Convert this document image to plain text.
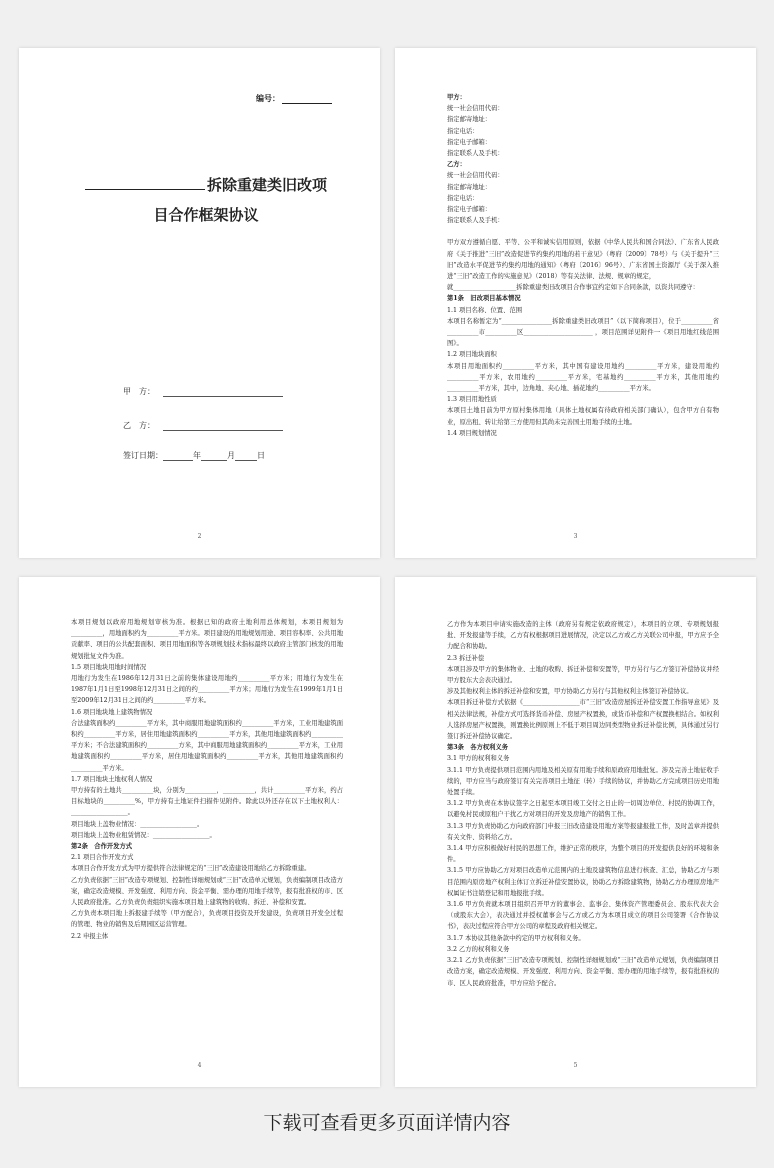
编号：
拆除重建类旧改项
目合作框架协议
甲　方：
乙　方：
签订日期：	年	月	日
2

甲方：

统一社会信用代码：

指定邮寄地址：

指定电话：

指定电子邮箱：

指定联系人及手机：

乙方：

统一社会信用代码：

指定邮寄地址：

指定电话：

指定电子邮箱：

指定联系人及手机：

甲方双方遵循自愿、平等、公平和诚实信用原则，依据《中华人民共和国合同法》、广东省人民政府《关于推进“三旧”改造促进节约集约用地的若干意见》（粤府〔2009〕78号）与《关于提升“三旧”改造水平促进节约集约用地的通知》（粤府〔2016〕96号）、广东省国土资源厅《关于深入推进“三旧”改造工作的实施意见》（2018）等有关法律、法规、规章的规定，

就____________________拆除重建类旧改项目合作事宜约定如下合同条款，以资共同遵守：

第1条　旧改项目基本情况

1.1 项目名称、位置、范围

本项目名称暂定为“________________拆除重建类旧改项目”（以下简称项目），位于__________省__________市__________区______________________ ，项目范围详见附件一《项目用地红线范围图》。

1.2 项目地块面积

本项目用地面积约__________平方米，其中国有建设用地约__________平方米，建设用地约__________平方米，农用地约__________平方米，宅基地约__________平方米，其他用地约__________平方米，其中，边角地、夹心地、插花地约__________平方米。

1.3 项目用地性质

本项目土地目前为甲方原村集体用地（具体土地权属有待政府相关部门确认），包含甲方自有物业，原出租、转让给第三方使用但其尚未完善国土用地手续的土地。

1.4 项目规划情况

3

本项目规划以政府用地规划审核为准。根据已知的政府土地利用总体规划，本项目规划为__________，用地面积约为__________平方米。项目建设的用地规划用途、项目容积率、公共用地贡献率、项目的公共配套面积、项目用地面积等各项规划技术指标最终以政府主管部门核发的用地规划批复文件为准。

1.5 项目地块用地时间情况

用地行为发生在1986年12月31日之前的集体建设用地约__________平方米；用地行为发生在1987年1月1日至1998年12月31日之间的约__________平方米；用地行为发生在1999年1月1日至2009年12月31日之间的约__________平方米。

1.6 项目地块地上建筑物情况

合法建筑面积约__________平方米，其中商服用地建筑面积约__________平方米，工业用地建筑面积约__________平方米，居住用地建筑面积约__________平方米，其他用地建筑面积约__________平方米；不合法建筑面积约__________方米，其中商服用地建筑面积约__________平方米，工业用地建筑面积约__________平方米，居住用地建筑面积约__________平方米，其他用地建筑面积约__________平方米。

1.7 项目地块土地权利人情况

甲方持有的土地共__________块，分别为__________，__________，共计__________平方米，约占目标地块的__________%，甲方持有土地证件扫描件见附件。除此以外还存在以下土地权利人：__________________。

项目地块上盖物业情况：__________________。

项目地块上盖物业租赁情况：__________________。

第2条　合作开发方式

2.1 项目合作开发方式

本项目合作开发方式为甲方提供符合法律规定的“三旧”改造建设用地给乙方拆除重建。

乙方负责依据“三旧”改造专项规划、控制性详细规划或“三旧”改造单元规划，负责编制项目改造方案，确定改造规模、开发强度、利用方向、资金平衡、需办理的用地手续等，报有批准权的市、区人民政府批准。乙方负责负责组织实施本项目地上建筑物的收购、拆迁、补偿和安置。

乙方负责本项目地上拆报建手续等（甲方配合），负责项目投资及开发建设，负责项目开发全过程的管理、物业的销售及后期园区运营管理。

2.2 申报主体

4

乙方作为本项目申请实施改造的主体（政府另有规定依政府规定），本项目的立项、专项规划报批、开发报建等手续，乙方有权根据项目进展情况，决定以乙方或乙方关联公司申报，甲方应予全力配合和协助。

2.3 拆迁补偿

本项目涉及甲方的集体物业、土地的收购、拆迁补偿和安置等，甲方另行与乙方签订补偿协议并经甲方股东大会表决通过。

涉及其他权利主体的拆迁补偿和安置，甲方协助乙方另行与其他权利主体签订补偿协议。

本项目拆迁补偿方式依据《__________________市“三旧”改造房屋拆迁补偿安置工作指导意见》及相关法律法规，补偿方式可选择货币补偿、房屋产权置换，或货币补偿和产权置换相结合。如权利人选择房屋产权置换，则置换比例原则上不低于项目周边同类型物业拆迁补偿比例，具体通过另行签订拆迁补偿协议确定。

第3条　各方权利义务

3.1 甲方的权利和义务

3.1.1 甲方负责提供项目范围内用地及相关原有用地手续和原政府用地批复。涉及完善土地征收手续的，甲方应当与政府签订有关完善项目土地征（转）手续的协议，并协助乙方完成项目历史用地处置手续。

3.1.2 甲方负责在本协议签字之日起至本项目竣工交付之日止的一切周边单位、村民的协调工作，以避免村民或原租户干扰乙方对项目的开发及房地产的销售工作。

3.1.3 甲方负责协助乙方向政府部门申报三旧改造建设用地方案等报建报批工作，及时盖章并提供有关文件、资料给乙方。

3.1.4 甲方应积极做好村民的思想工作，维护正常的秩序，为整个项目的开发提供良好的环境和条件。

3.1.5 甲方应协助乙方对项目改造单元范围内的土地及建筑物信息进行核查、汇总，协助乙方与项目范围内原房地产权利主体订立拆迁补偿安置协议，协助乙方拆除建筑物，协助乙方办理原房地产权属证书注销登记和用地报批手续。

3.1.6 甲方负责就本项目组织召开甲方的董事会、监事会、集体资产管理委员会、股东代表大会（或股东大会），表决通过并授权董事会与乙方或乙方为本项目成立的项目公司签署《合作协议书》，表决过程应符合甲方公司的章程及政府相关规定。

3.1.7 本协议其他条款中约定的甲方权利和义务。

3.2 乙方的权利和义务

3.2.1 乙方负责依据“三旧”改造专项规划、控制性详细规划或“三旧”改造单元规划，负责编制项目改造方案，确定改造规模、开发强度、利用方向、资金平衡、需办理的用地手续等，报有批准权的市、区人民政府批准，甲方应给予配合。

5
下载可查看更多页面详情内容
